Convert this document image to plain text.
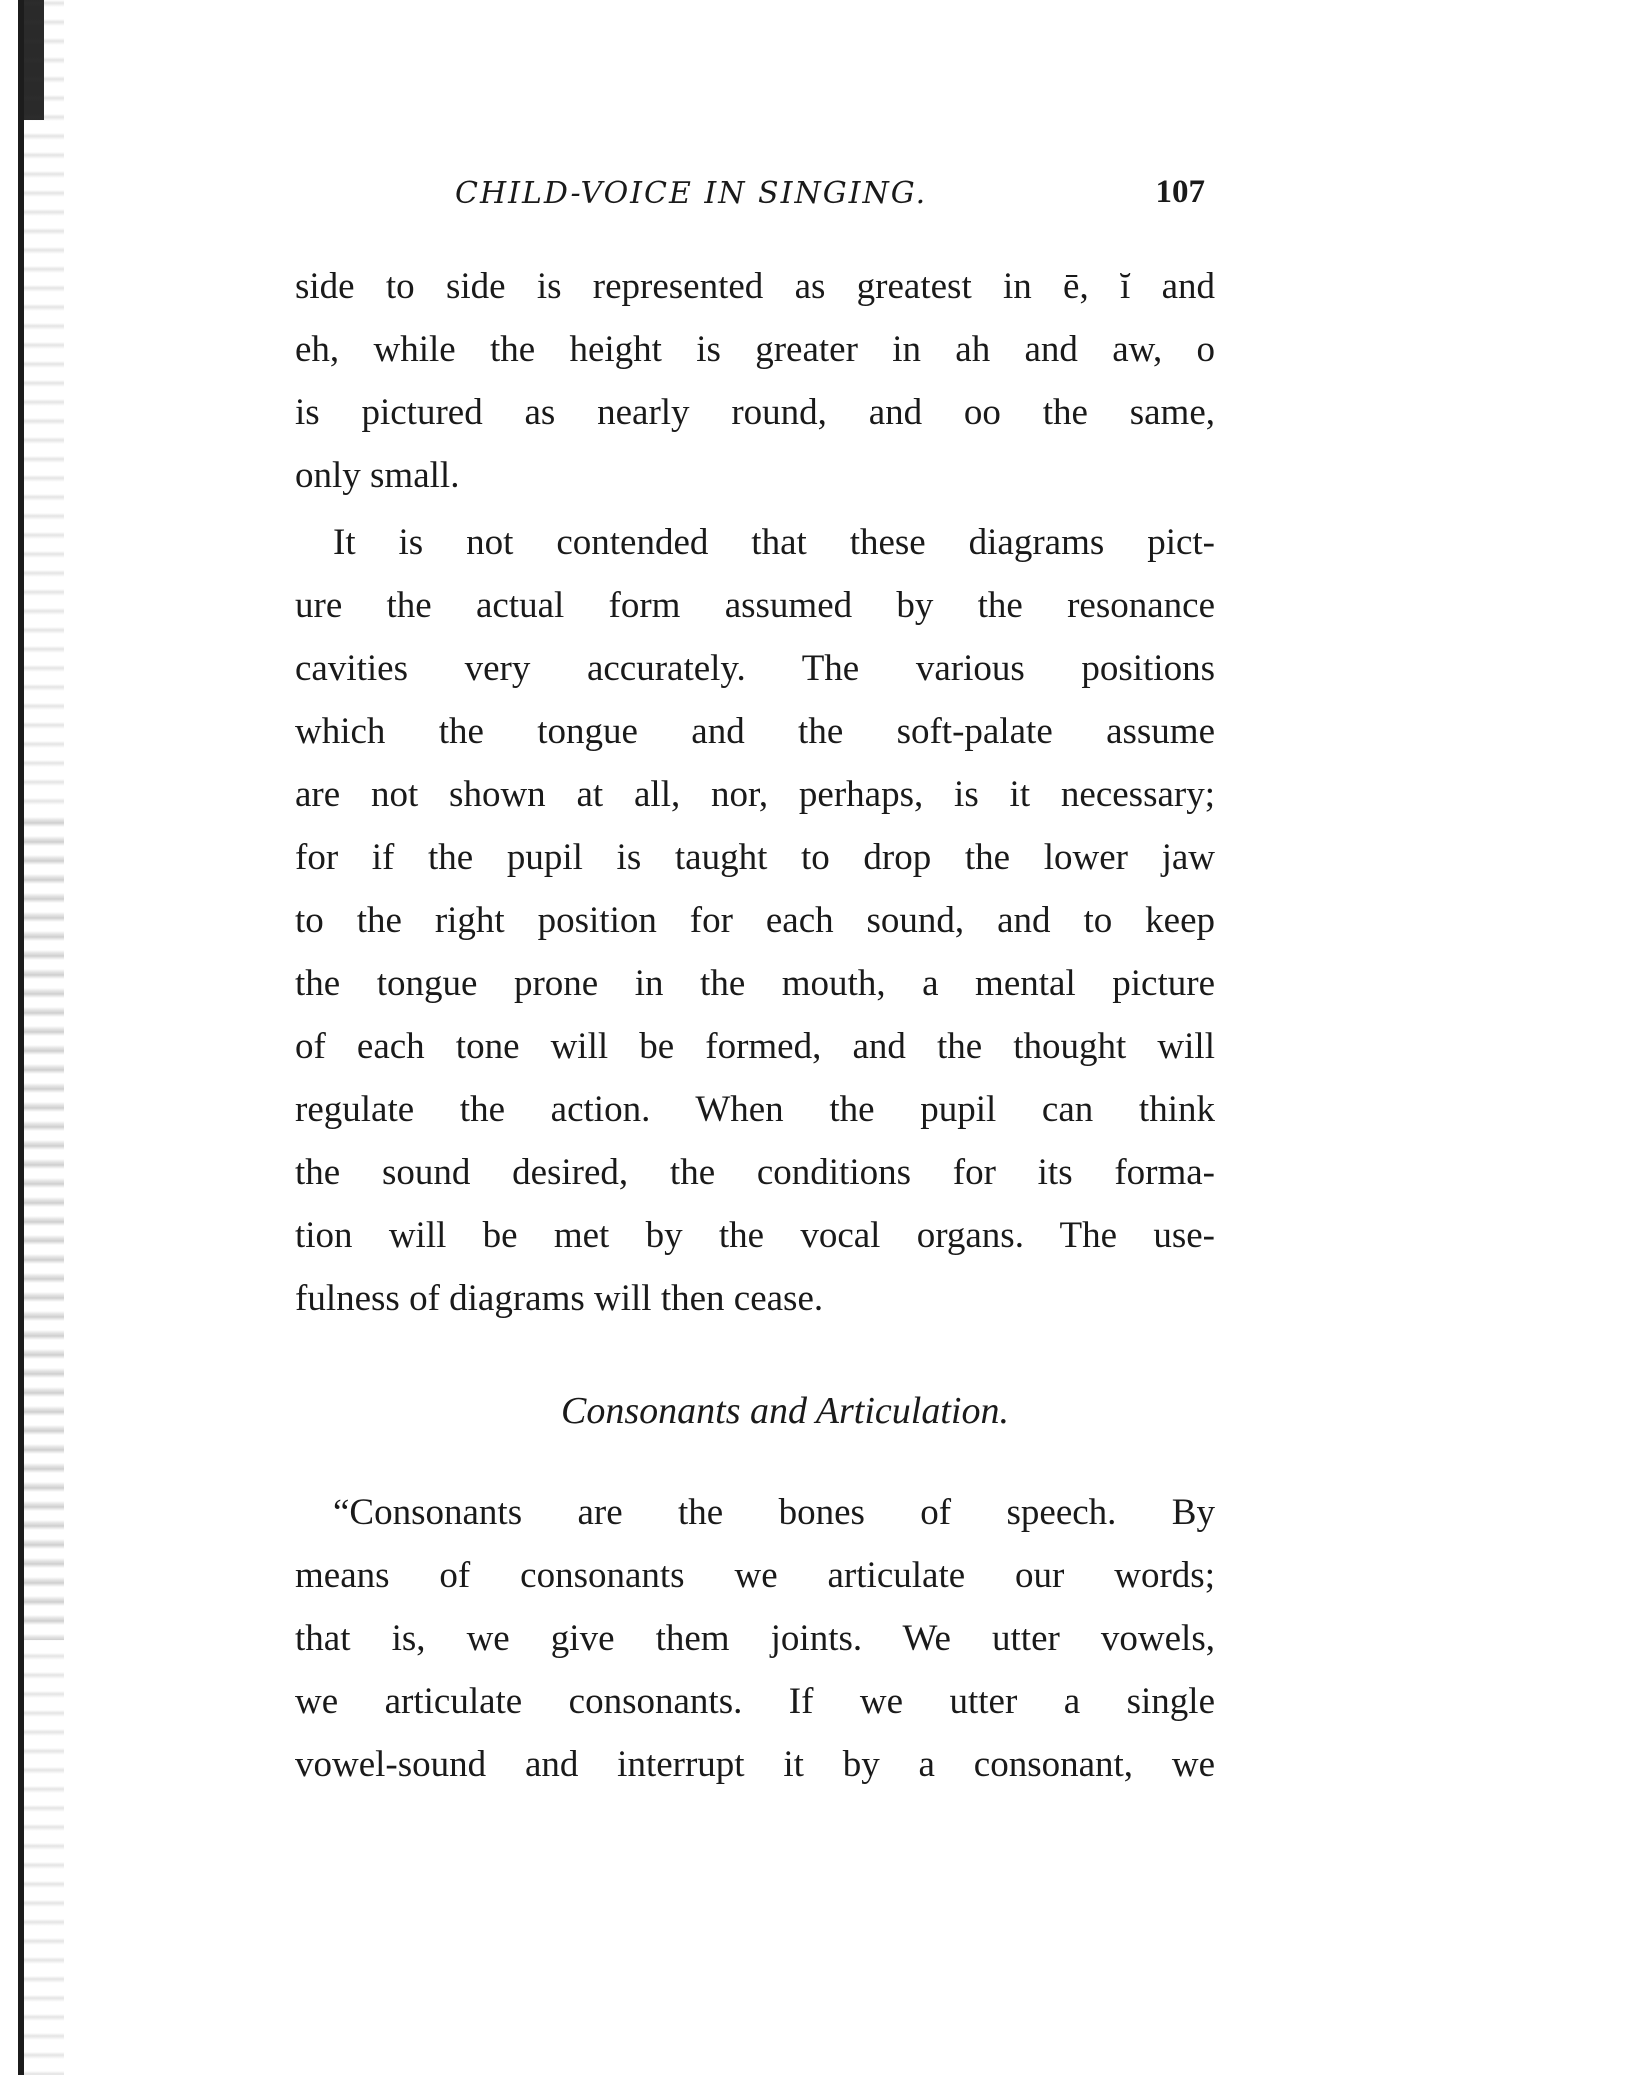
CHILD-VOICE IN SINGING.	107
side to side is represented as greatest in ē, ĭ and
eh, while the height is greater in ah and aw, o
is pictured as nearly round, and oo the same,
only small.
It is not contended that these diagrams pict-
ure the actual form assumed by the resonance
cavities very accurately. The various positions
which the tongue and the soft-palate assume
are not shown at all, nor, perhaps, is it necessary;
for if the pupil is taught to drop the lower jaw
to the right position for each sound, and to keep
the tongue prone in the mouth, a mental picture
of each tone will be formed, and the thought will
regulate the action. When the pupil can think
the sound desired, the conditions for its forma-
tion will be met by the vocal organs. The use-
fulness of diagrams will then cease.
Consonants and Articulation.
“Consonants are the bones of speech. By
means of consonants we articulate our words;
that is, we give them joints. We utter vowels,
we articulate consonants. If we utter a single
vowel-sound and interrupt it by a consonant, we
